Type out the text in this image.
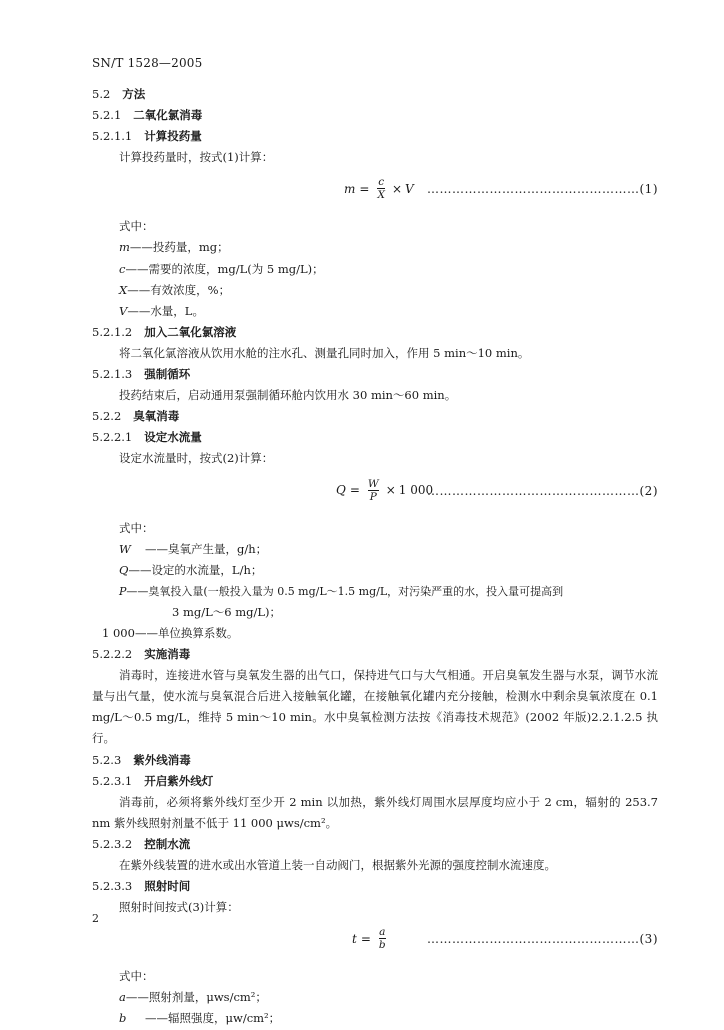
SN/T 1528—2005
5.2 方法
5.2.1 二氧化氯消毒
5.2.1.1 计算投药量
计算投药量时，按式(1)计算：
$m = \frac{c}{X} \times V$ ……………………………………………(1)
式中：
m——投药量，mg；
c——需要的浓度，mg/L(为 5 mg/L)；
X——有效浓度，%；
V——水量，L。
5.2.1.2 加入二氧化氯溶液
将二氧化氯溶液从饮用水舱的注水孔、测量孔同时加入，作用 5 min～10 min。
5.2.1.3 强制循环
投药结束后，启动通用泵强制循环舱内饮用水 30 min～60 min。
5.2.2 臭氧消毒
5.2.2.1 设定水流量
设定水流量时，按式(2)计算：
$Q = \frac{W}{P} \times 1$ 000
……………………………………………(2)
式中：
W ——臭氧产生量，g/h；
Q——设定的水流量，L/h；
P——臭氧投入量(一般投入量为 0.5 mg/L～1.5 mg/L，对污染严重的水，投入量可提高到
3 mg/L～6 mg/L)；
1 000——单位换算系数。
5.2.2.2 实施消毒
消毒时，连接进水管与臭氧发生器的出气口，保持进气口与大气相通。开启臭氧发生器与水泵，调节水流量与出气量，使水流与臭氧混合后进入接触氧化罐，在接触氧化罐内充分接触，检测水中剩余臭氧浓度在 0.1 mg/L～0.5 mg/L，维持 5 min～10 min。水中臭氧检测方法按《消毒技术规范》(2002 年版)2.2.1.2.5 执行。
5.2.3 紫外线消毒
5.2.3.1 开启紫外线灯
消毒前，必须将紫外线灯至少开 2 min 以加热，紫外线灯周围水层厚度均应小于 2 cm，辐射的 253.7 nm 紫外线照射剂量不低于 11 000 μws/cm²。
5.2.3.2 控制水流
在紫外线装置的进水或出水管道上装一自动阀门，根据紫外光源的强度控制水流速度。
5.2.3.3 照射时间
照射时间按式(3)计算：
$t = \frac{a}{b}$	……………………………………………(3)
式中：
a——照射剂量，μws/cm²；
b ——辐照强度，μw/cm²；
2
